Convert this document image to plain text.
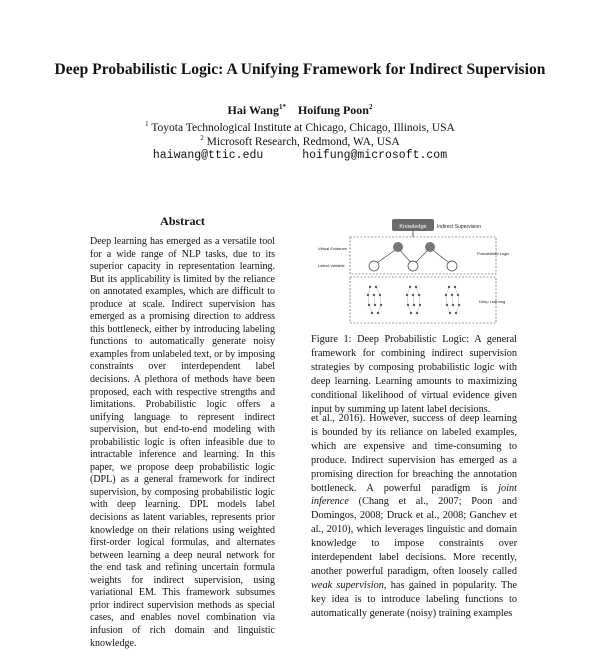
Deep Probabilistic Logic: A Unifying Framework for Indirect Supervision
Hai Wang$^{1*}$ Hoifung Poon$^2$
$^1$ Toyota Technological Institute at Chicago, Chicago, Illinois, USA
$^2$ Microsoft Research, Redmond, WA, USA
haiwang@ttic.edu	hoifung@microsoft.com
Abstract
Deep learning has emerged as a versatile tool for a wide range of NLP tasks, due to its superior capacity in representation learning. But its applicability is limited by the reliance on annotated examples, which are difficult to produce at scale. Indirect supervision has emerged as a promising direction to address this bottleneck, either by introducing labeling functions to automatically generate noisy examples from unlabeled text, or by imposing constraints over interdependent label decisions. A plethora of methods have been proposed, each with respective strengths and limitations. Probabilistic logic offers a unifying language to represent indirect supervision, but end-to-end modeling with probabilistic logic is often infeasible due to intractable inference and learning. In this paper, we propose deep probabilistic logic (DPL) as a general framework for indirect supervision, by composing probabilistic logic with deep learning. DPL models label decisions as latent variables, represents prior knowledge on their relations using weighted first-order logical formulas, and alternates between learning a deep neural network for the end task and refining uncertain formula weights for indirect supervision, using variational EM. This framework subsumes prior indirect supervision methods as special cases, and enables novel combination via infusion of rich domain and linguistic knowledge.
Knowledge Indirect Supervision
Virtual Evidence
Latent Variable
Probabilistic Logic
Deep Learning
Figure 1: Deep Probabilistic Logic: A general framework for combining indirect supervision strategies by composing probabilistic logic with deep learning. Learning amounts to maximizing conditional likelihood of virtual evidence given input by summing up latent label decisions.
et al., 2016). However, success of deep learning is bounded by its reliance on labeled examples, which are expensive and time-consuming to produce. Indirect supervision has emerged as a promising direction for breaching the annotation bottleneck. A powerful paradigm is joint inference (Chang et al., 2007; Poon and Domingos, 2008; Druck et al., 2008; Ganchev et al., 2010), which leverages linguistic and domain knowledge to impose constraints over interdependent label decisions. More recently, another powerful paradigm, often loosely called weak supervision, has gained in popularity. The key idea is to introduce labeling functions to automatically generate (noisy) training examples
